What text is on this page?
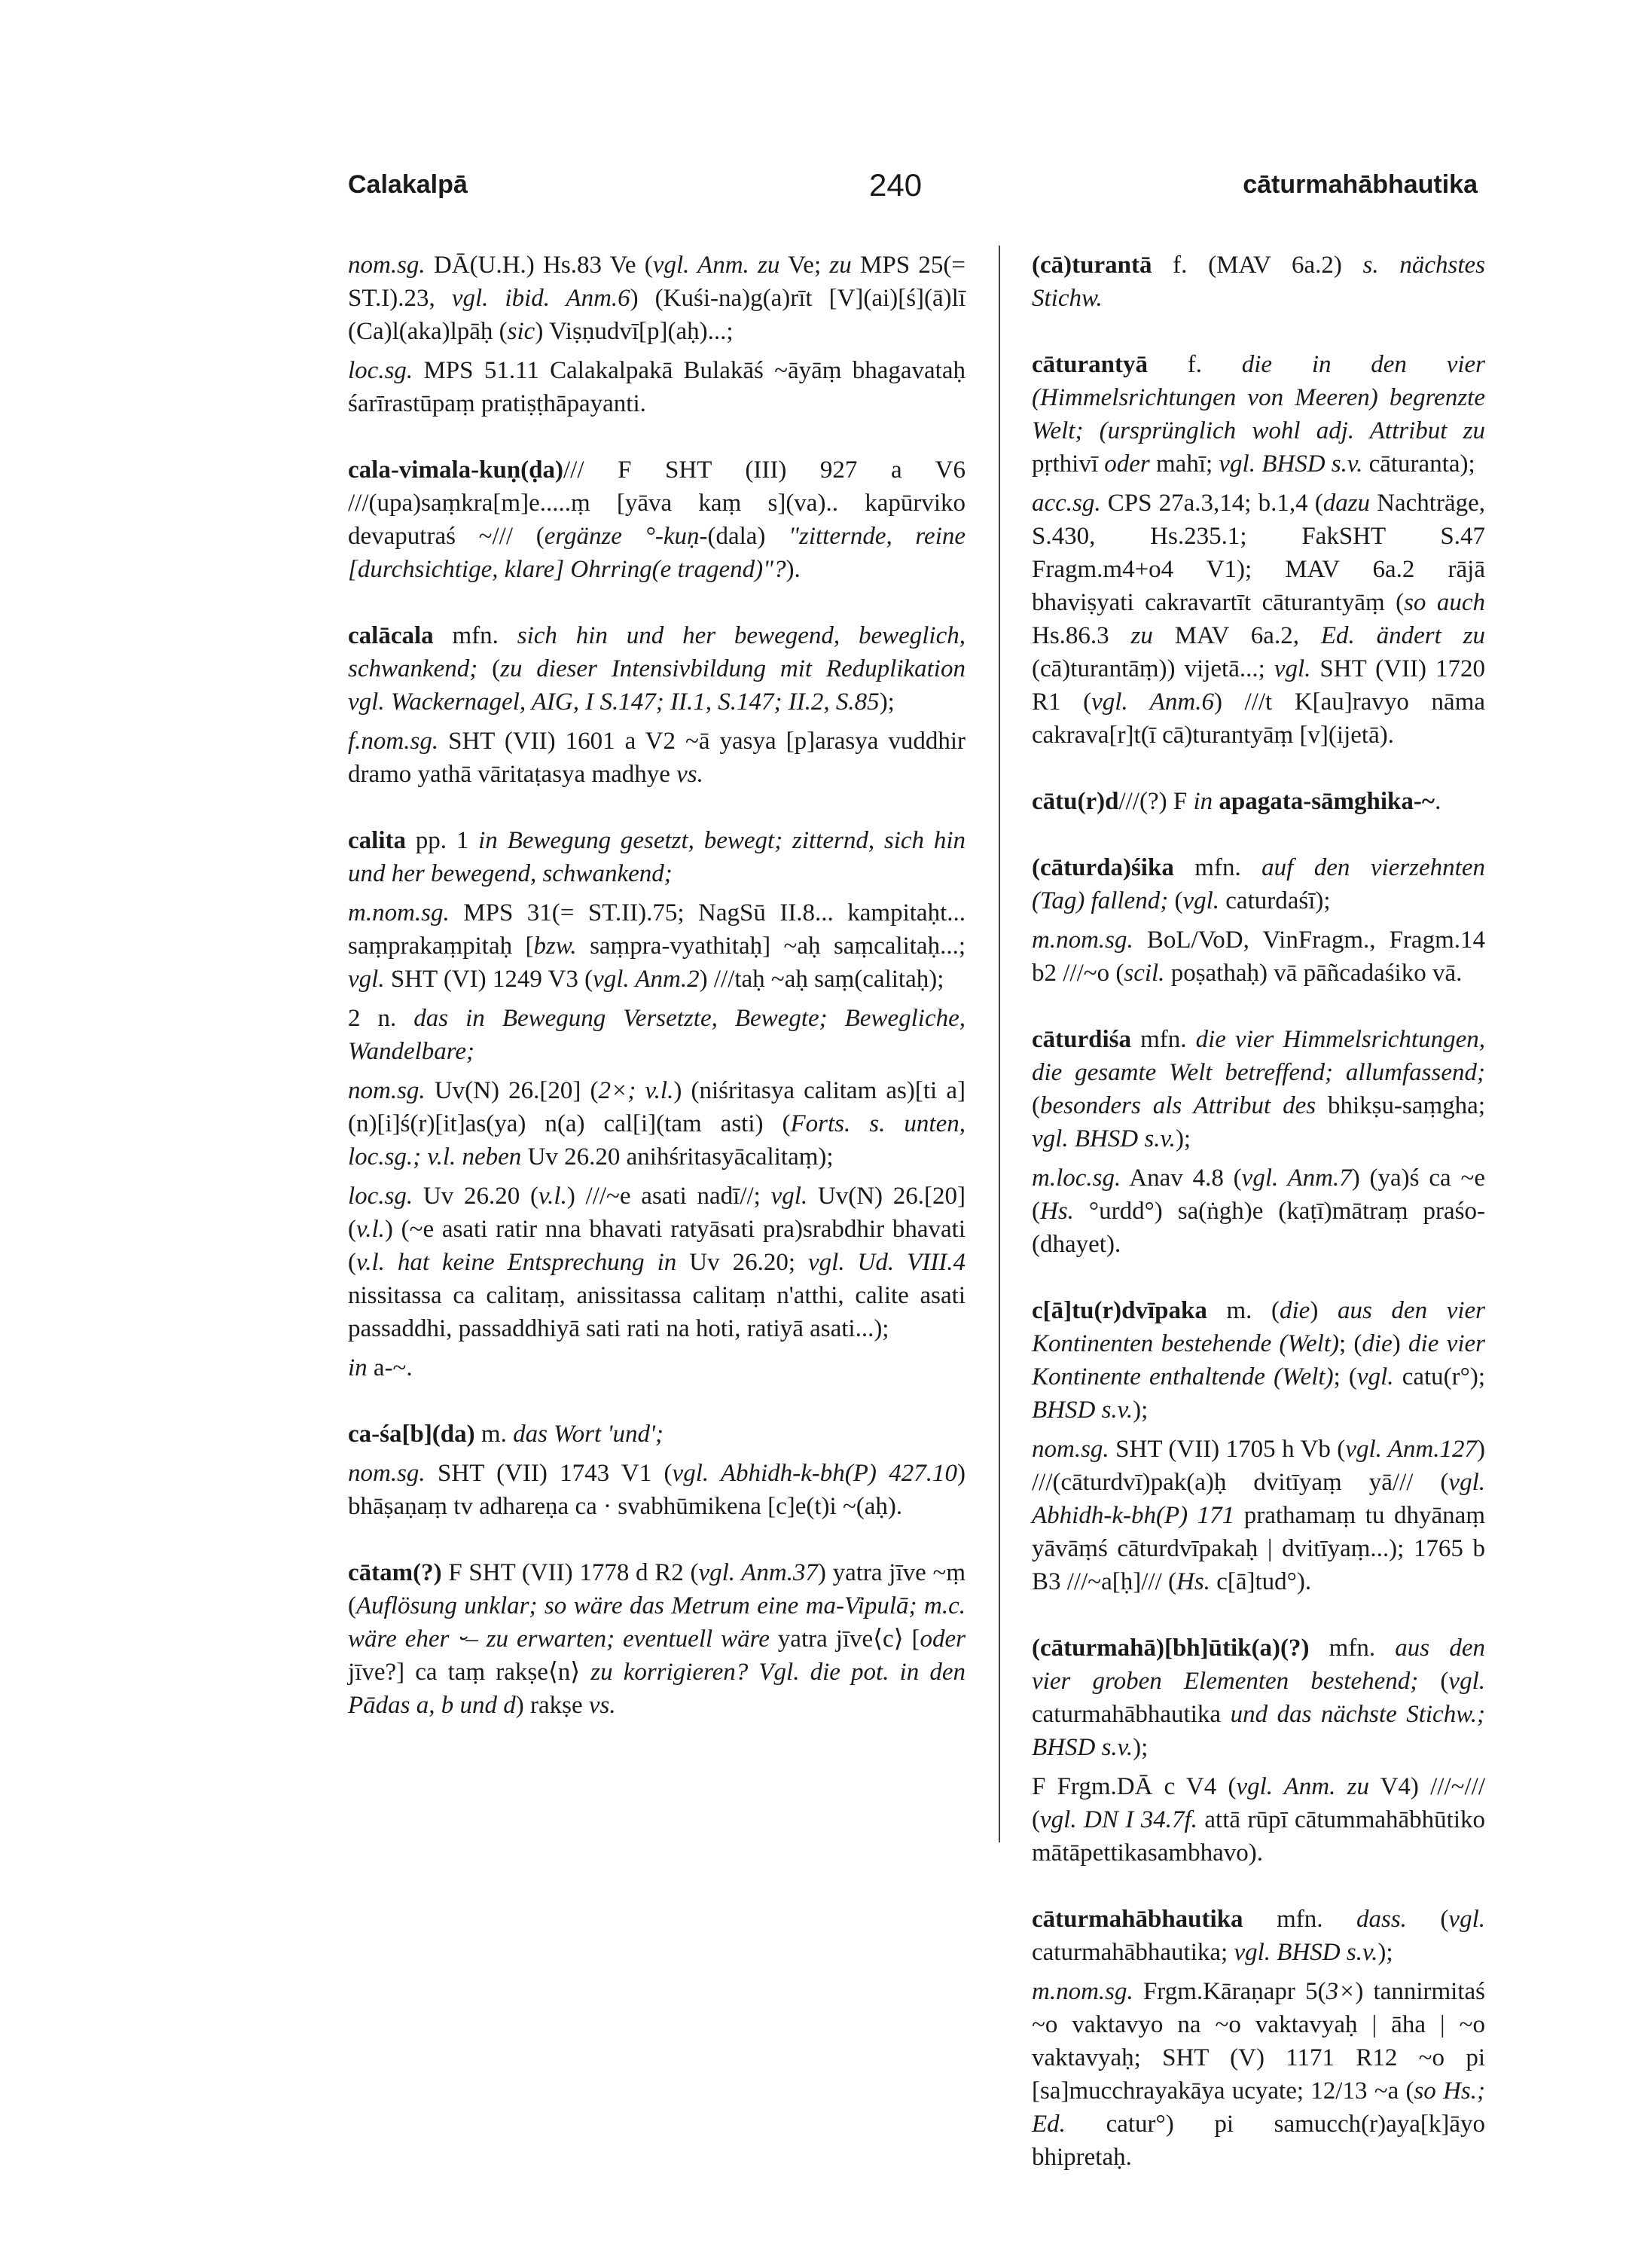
Calakalpā	240	cāturmahābhautika

nom.sg. DĀ(U.H.) Hs.83 Ve (vgl. Anm. zu Ve; zu MPS 25(= ST.I).23, vgl. ibid. Anm.6) (Kuśi-na)g(a)rīt [V](ai)[ś](ā)lī (Ca)l(aka)lpāḥ (sic) Viṣṇudvī[p](aḥ)...;

loc.sg. MPS 51.11 Calakalpakā Bulakāś ~āyāṃ bhagavataḥ śarīrastūpaṃ pratiṣṭhāpayanti.

cala-vimala-kuṇ(ḍa)/// F SHT (III) 927 a V6 ///(upa)saṃkra[m]e.....ṃ [yāva kaṃ s](va).. kapūrviko devaputraś ~/// (ergänze °-kuṇ-(dala) "zitternde, reine [durchsichtige, klare] Ohrring(e tragend)"?).

calācala mfn. sich hin und her bewegend, beweglich, schwankend; (zu dieser Intensivbildung mit Reduplikation vgl. Wackernagel, AIG, I S.147; II.1, S.147; II.2, S.85);

f.nom.sg. SHT (VII) 1601 a V2 ~ā yasya [p]arasya vuddhir dramo yathā vāritaṭasya madhye vs.

calita pp. 1 in Bewegung gesetzt, bewegt; zitternd, sich hin und her bewegend, schwankend;

m.nom.sg. MPS 31(= ST.II).75; NagSū II.8... kampitaḥt... saṃprakaṃpitaḥ [bzw. saṃpra-vyathitaḥ] ~aḥ saṃcalitaḥ...; vgl. SHT (VI) 1249 V3 (vgl. Anm.2) ///taḥ ~aḥ saṃ(calitaḥ);

2 n. das in Bewegung Versetzte, Bewegte; Bewegliche, Wandelbare;

nom.sg. Uv(N) 26.[20] (2×; v.l.) (niśritasya calitam as)[ti a](n)[i]ś(r)[it]as(ya) n(a) cal[i](tam asti) (Forts. s. unten, loc.sg.; v.l. neben Uv 26.20 anihśritasyācalitaṃ);

loc.sg. Uv 26.20 (v.l.) ///~e asati nadī//; vgl. Uv(N) 26.[20] (v.l.) (~e asati ratir nna bhavati ratyāsati pra)srabdhir bhavati (v.l. hat keine Entsprechung in Uv 26.20; vgl. Ud. VIII.4 nissitassa ca calitaṃ, anissitassa calitaṃ n'atthi, calite asati passaddhi, passaddhiyā sati rati na hoti, ratiyā asati...);

in a-~.

ca-śa[b](da) m. das Wort 'und';

nom.sg. SHT (VII) 1743 V1 (vgl. Abhidh-k-bh(P) 427.10) bhāṣaṇaṃ tv adhareṇa ca · svabhūmikena [c]e(t)i ~(aḥ).

cātam(?) F SHT (VII) 1778 d R2 (vgl. Anm.37) yatra jīve ~ṃ (Auflösung unklar; so wäre das Metrum eine ma-Vipulā; m.c. wäre eher ⏑– zu erwarten; eventuell wäre yatra jīve⟨c⟩ [oder jīve?] ca taṃ rakṣe⟨n⟩ zu korrigieren? Vgl. die pot. in den Pādas a, b und d) rakṣe vs.

(cā)turantā f. (MAV 6a.2) s. nächstes Stichw.

cāturantyā f. die in den vier (Himmelsrichtungen von Meeren) begrenzte Welt; (ursprünglich wohl adj. Attribut zu pṛthivī oder mahī; vgl. BHSD s.v. cāturanta);

acc.sg. CPS 27a.3,14; b.1,4 (dazu Nachträge, S.430, Hs.235.1; FakSHT S.47 Fragm.m4+o4 V1); MAV 6a.2 rājā bhaviṣyati cakravartīt cāturantyāṃ (so auch Hs.86.3 zu MAV 6a.2, Ed. ändert zu (cā)turantāṃ)) vijetā...; vgl. SHT (VII) 1720 R1 (vgl. Anm.6) ///t K[au]ravyo nāma cakrava[r]t(ī cā)turantyāṃ [v](ijetā).

cātu(r)d///(?) F in apagata-sāmghika-~.

(cāturda)śika mfn. auf den vierzehnten (Tag) fallend; (vgl. caturdaśī);

m.nom.sg. BoL/VoD, VinFragm., Fragm.14 b2 ///~o (scil. poṣathaḥ) vā pāñcadaśiko vā.

cāturdiśa mfn. die vier Himmelsrichtungen, die gesamte Welt betreffend; allumfassend; (besonders als Attribut des bhikṣu-saṃgha; vgl. BHSD s.v.);

m.loc.sg. Anav 4.8 (vgl. Anm.7) (ya)ś ca ~e (Hs. °urdd°) sa(ṅgh)e (kaṭī)mātraṃ praśo-(dhayet).

c[ā]tu(r)dvīpaka m. (die) aus den vier Kontinenten bestehende (Welt); (die) die vier Kontinente enthaltende (Welt); (vgl. catu(r°); BHSD s.v.);

nom.sg. SHT (VII) 1705 h Vb (vgl. Anm.127) ///(cāturdvī)pak(a)ḥ dvitīyaṃ yā/// (vgl. Abhidh-k-bh(P) 171 prathamaṃ tu dhyānaṃ yāvāṃś cāturdvīpakaḥ | dvitīyaṃ...); 1765 b B3 ///~a[ḥ]/// (Hs. c[ā]tud°).

(cāturmahā)[bh]ūtik(a)(?) mfn. aus den vier groben Elementen bestehend; (vgl. caturmahābhautika und das nächste Stichw.; BHSD s.v.);

F Frgm.DĀ c V4 (vgl. Anm. zu V4) ///~/// (vgl. DN I 34.7f. attā rūpī cātummahābhūtiko mātāpettikasambhavo).

cāturmahābhautika mfn. dass. (vgl. caturmahābhautika; vgl. BHSD s.v.);

m.nom.sg. Frgm.Kāraṇapr 5(3×) tannirmitaś ~o vaktavyo na ~o vaktavyaḥ | āha | ~o vaktavyaḥ; SHT (V) 1171 R12 ~o pi [sa]mucchrayakāya ucyate; 12/13 ~a (so Hs.; Ed. catur°) pi samucch(r)aya[k]āyo bhipretaḥ.
